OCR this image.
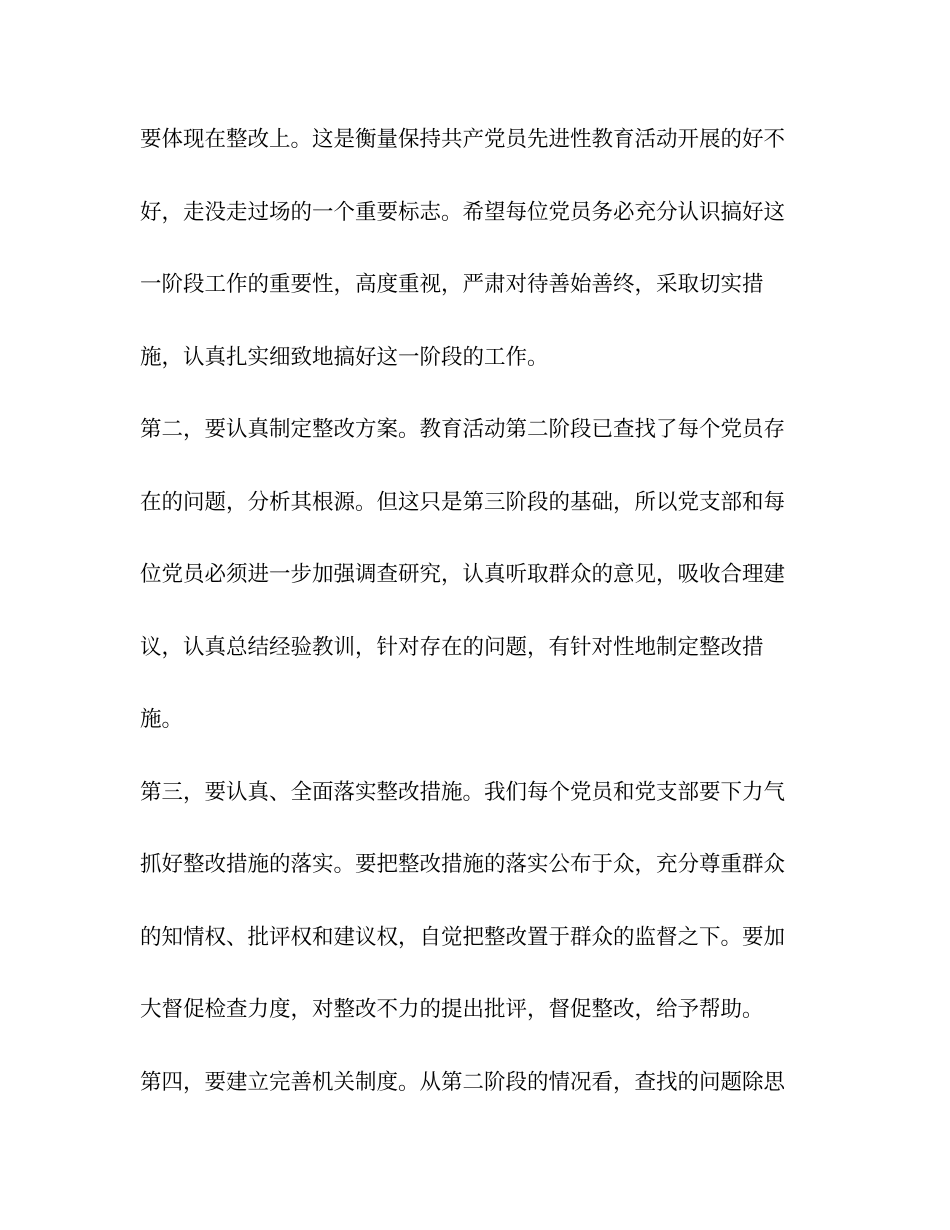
要体现在整改上。这是衡量保持共产党员先进性教育活动开展的好不
好，走没走过场的一个重要标志。希望每位党员务必充分认识搞好这
一阶段工作的重要性，高度重视，严肃对待善始善终，采取切实措
施，认真扎实细致地搞好这一阶段的工作。
第二，要认真制定整改方案。教育活动第二阶段已查找了每个党员存
在的问题，分析其根源。但这只是第三阶段的基础，所以党支部和每
位党员必须进一步加强调查研究，认真听取群众的意见，吸收合理建
议，认真总结经验教训，针对存在的问题，有针对性地制定整改措
施。
第三，要认真、全面落实整改措施。我们每个党员和党支部要下力气
抓好整改措施的落实。要把整改措施的落实公布于众，充分尊重群众
的知情权、批评权和建议权，自觉把整改置于群众的监督之下。要加
大督促检查力度，对整改不力的提出批评，督促整改，给予帮助。
第四，要建立完善机关制度。从第二阶段的情况看，查找的问题除思
